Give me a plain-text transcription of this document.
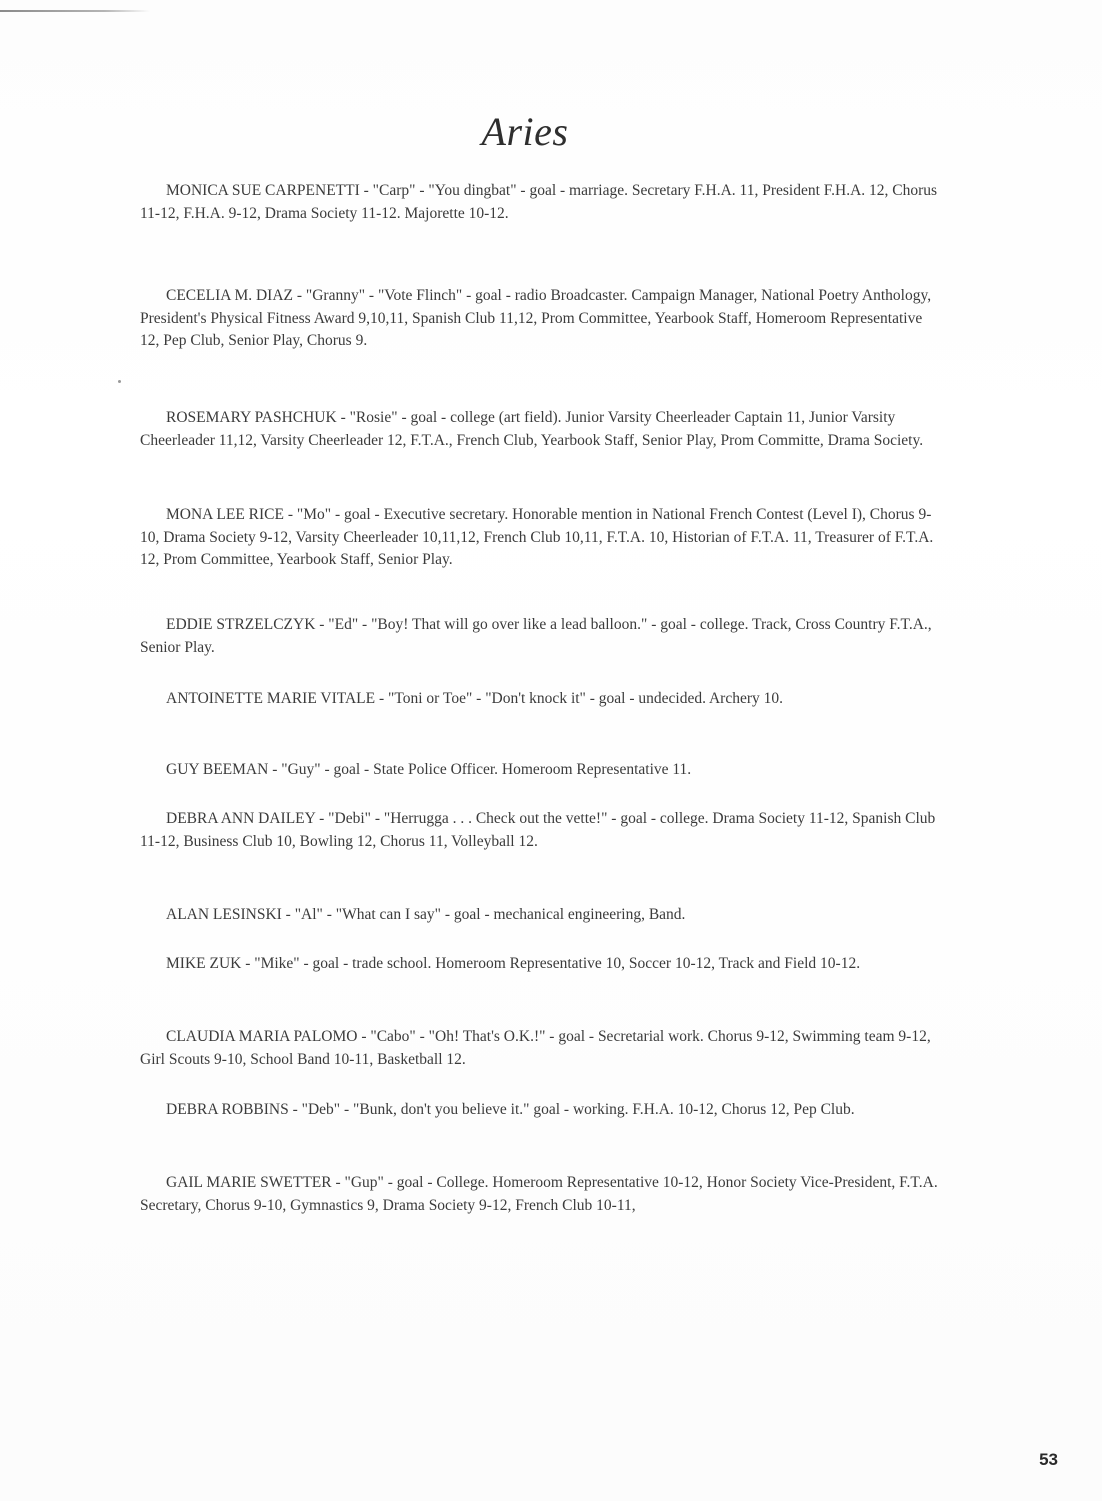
Aries

MONICA SUE CARPENETTI - "Carp" - "You dingbat" - goal - marriage. Secretary F.H.A. 11, President F.H.A. 12, Chorus 11-12, F.H.A. 9-12, Drama Society 11-12. Majorette 10-12.

CECELIA M. DIAZ - "Granny" - "Vote Flinch" - goal - radio Broadcaster. Campaign Manager, National Poetry Anthology, President's Physical Fitness Award 9,10,11, Spanish Club 11,12, Prom Committee, Yearbook Staff, Homeroom Representative 12, Pep Club, Senior Play, Chorus 9.

ROSEMARY PASHCHUK - "Rosie" - goal - college (art field). Junior Varsity Cheerleader Captain 11, Junior Varsity Cheerleader 11,12, Varsity Cheerleader 12, F.T.A., French Club, Yearbook Staff, Senior Play, Prom Committe, Drama Society.

MONA LEE RICE - "Mo" - goal - Executive secretary. Honorable mention in National French Contest (Level I), Chorus 9-10, Drama Society 9-12, Varsity Cheerleader 10,11,12, French Club 10,11, F.T.A. 10, Historian of F.T.A. 11, Treasurer of F.T.A. 12, Prom Committee, Yearbook Staff, Senior Play.

EDDIE STRZELCZYK - "Ed" - "Boy! That will go over like a lead balloon." - goal - college. Track, Cross Country F.T.A., Senior Play.

ANTOINETTE MARIE VITALE - "Toni or Toe" - "Don't knock it" - goal - undecided. Archery 10.

GUY BEEMAN - "Guy" - goal - State Police Officer. Homeroom Representative 11.

DEBRA ANN DAILEY - "Debi" - "Herrugga . . . Check out the vette!" - goal - college. Drama Society 11-12, Spanish Club 11-12, Business Club 10, Bowling 12, Chorus 11, Volleyball 12.

ALAN LESINSKI - "Al" - "What can I say" - goal - mechanical engineering, Band.

MIKE ZUK - "Mike" - goal - trade school. Homeroom Representative 10, Soccer 10-12, Track and Field 10-12.

CLAUDIA MARIA PALOMO - "Cabo" - "Oh! That's O.K.!" - goal - Secretarial work. Chorus 9-12, Swimming team 9-12, Girl Scouts 9-10, School Band 10-11, Basketball 12.

DEBRA ROBBINS - "Deb" - "Bunk, don't you believe it." goal - working. F.H.A. 10-12, Chorus 12, Pep Club.

GAIL MARIE SWETTER - "Gup" - goal - College. Homeroom Representative 10-12, Honor Society Vice-President, F.T.A. Secretary, Chorus 9-10, Gymnastics 9, Drama Society 9-12, French Club 10-11,

53
